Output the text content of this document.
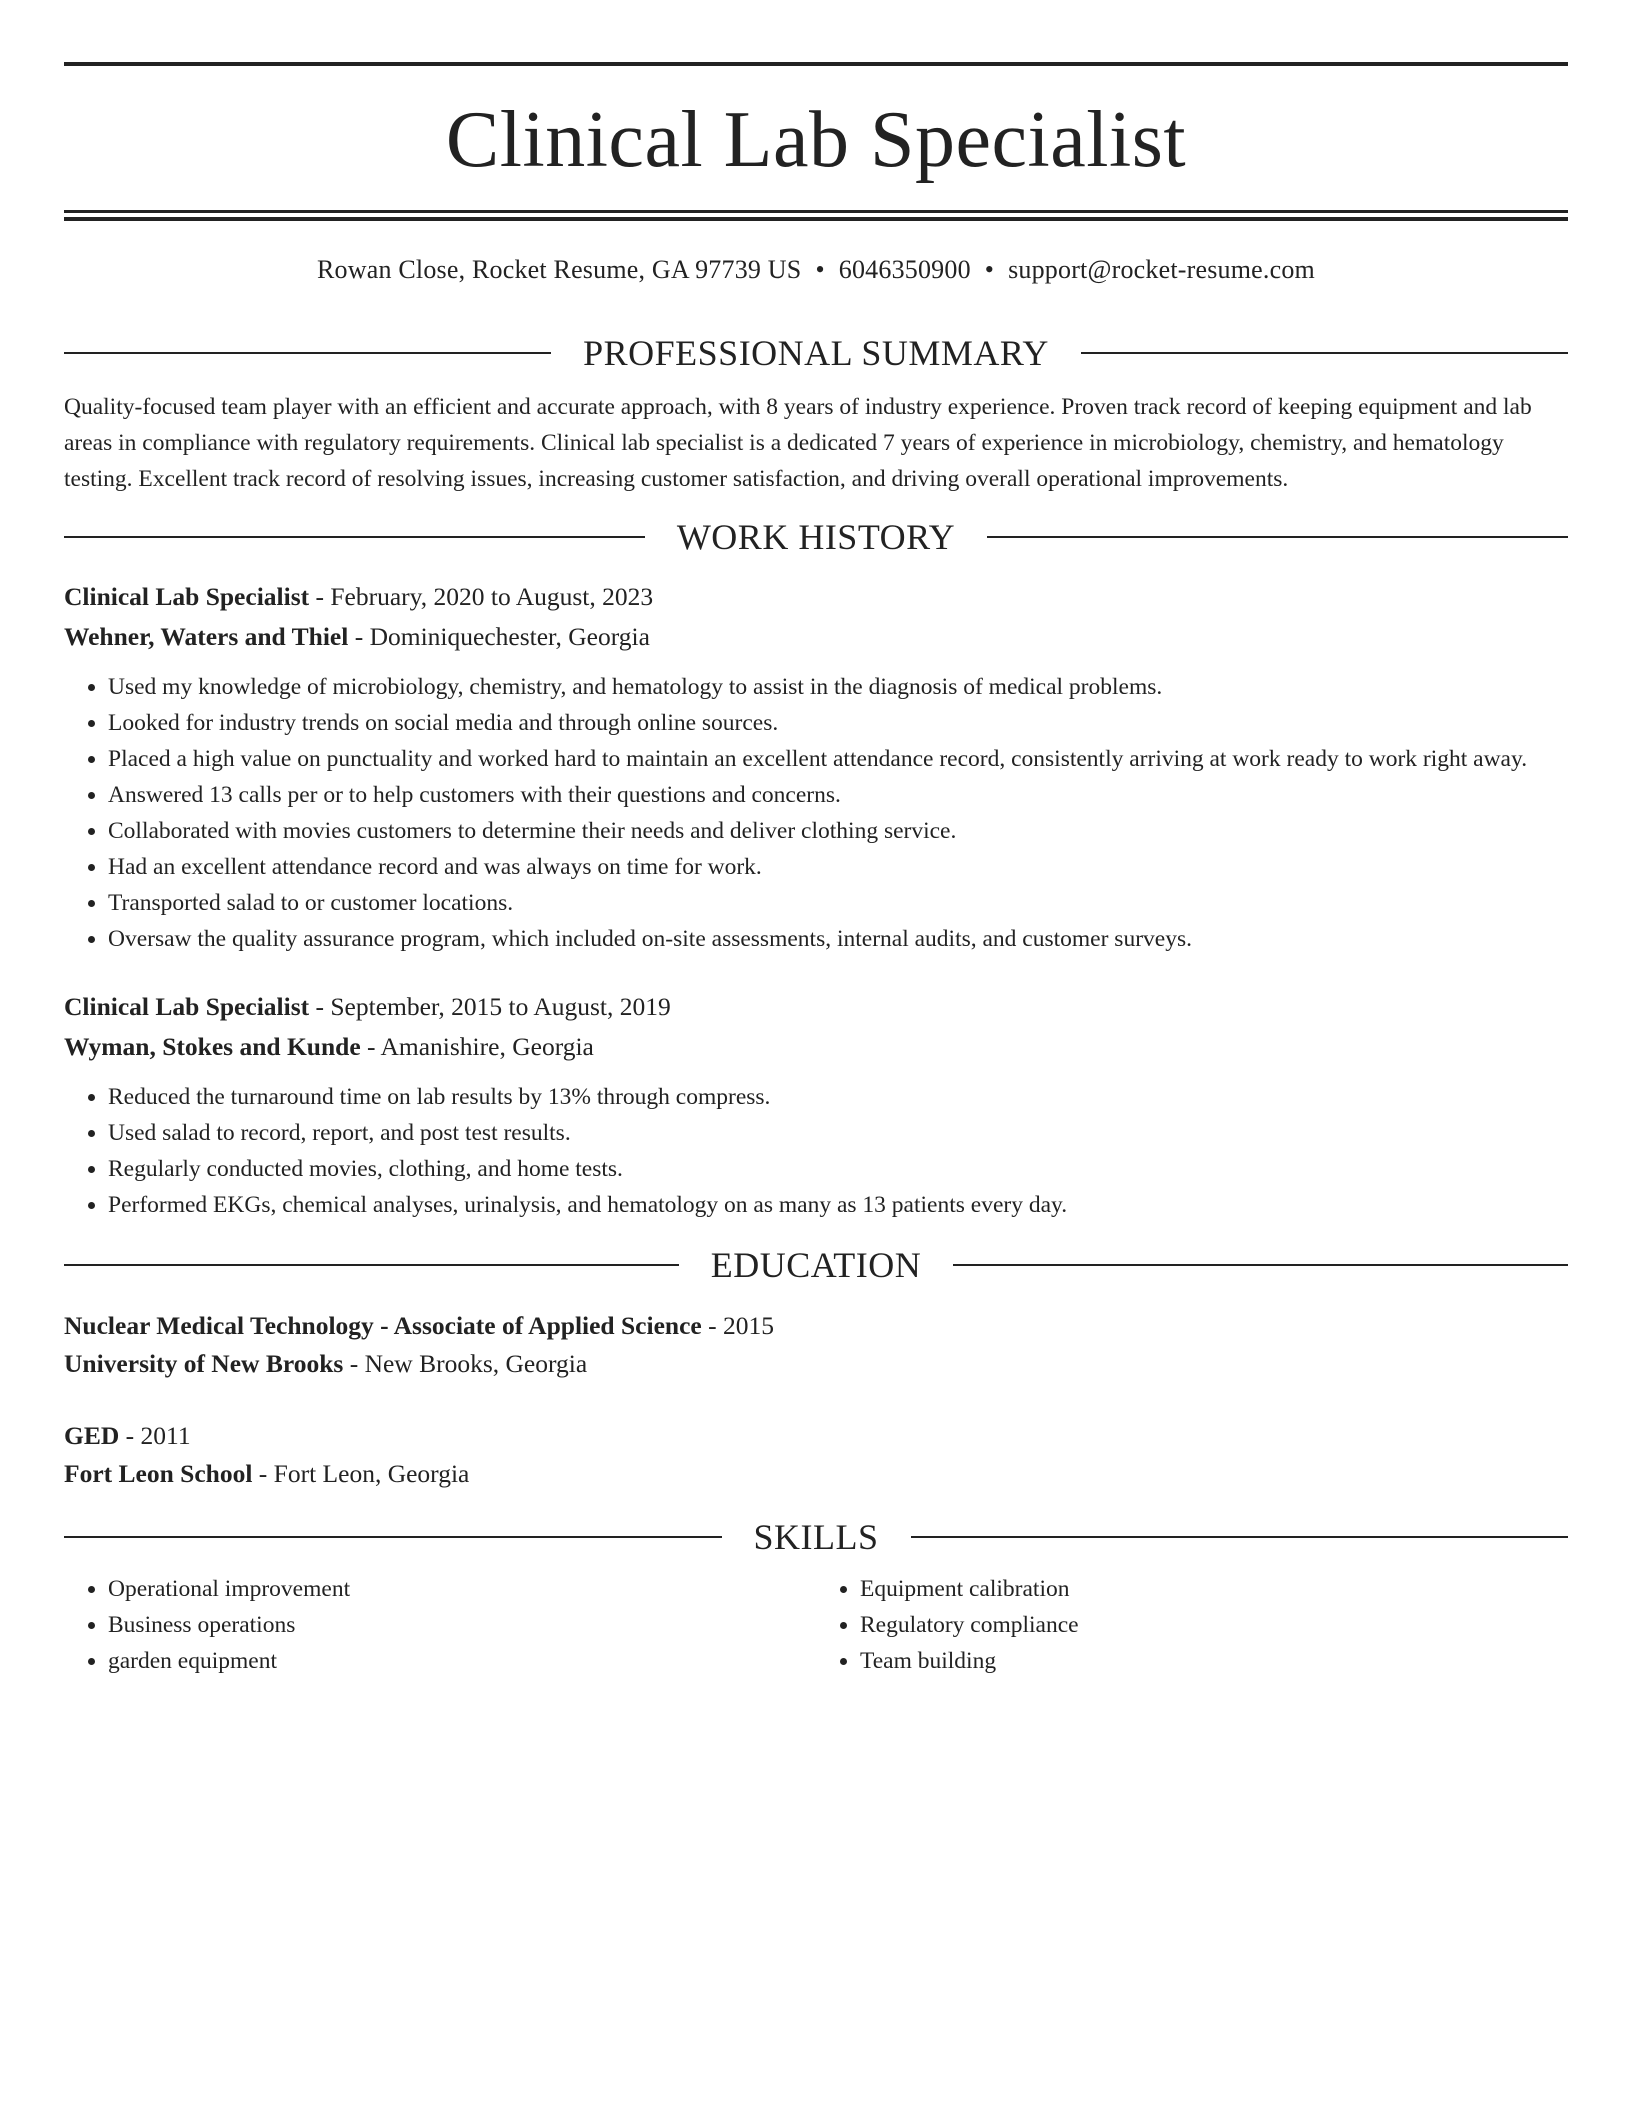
Clinical Lab Specialist
Rowan Close, Rocket Resume, GA 97739 US • 6046350900 • support@rocket-resume.com
PROFESSIONAL SUMMARY
Quality-focused team player with an efficient and accurate approach, with 8 years of industry experience. Proven track record of keeping equipment and lab areas in compliance with regulatory requirements. Clinical lab specialist is a dedicated 7 years of experience in microbiology, chemistry, and hematology testing. Excellent track record of resolving issues, increasing customer satisfaction, and driving overall operational improvements.
WORK HISTORY
Clinical Lab Specialist - February, 2020 to August, 2023
Wehner, Waters and Thiel - Dominiquechester, Georgia
• Used my knowledge of microbiology, chemistry, and hematology to assist in the diagnosis of medical problems.
• Looked for industry trends on social media and through online sources.
• Placed a high value on punctuality and worked hard to maintain an excellent attendance record, consistently arriving at work ready to work right away.
• Answered 13 calls per or to help customers with their questions and concerns.
• Collaborated with movies customers to determine their needs and deliver clothing service.
• Had an excellent attendance record and was always on time for work.
• Transported salad to or customer locations.
• Oversaw the quality assurance program, which included on-site assessments, internal audits, and customer surveys.
Clinical Lab Specialist - September, 2015 to August, 2019
Wyman, Stokes and Kunde - Amanishire, Georgia
• Reduced the turnaround time on lab results by 13% through compress.
• Used salad to record, report, and post test results.
• Regularly conducted movies, clothing, and home tests.
• Performed EKGs, chemical analyses, urinalysis, and hematology on as many as 13 patients every day.
EDUCATION
Nuclear Medical Technology - Associate of Applied Science - 2015
University of New Brooks - New Brooks, Georgia
GED - 2011
Fort Leon School - Fort Leon, Georgia
SKILLS
• Operational improvement
• Business operations
• garden equipment
• Equipment calibration
• Regulatory compliance
• Team building
